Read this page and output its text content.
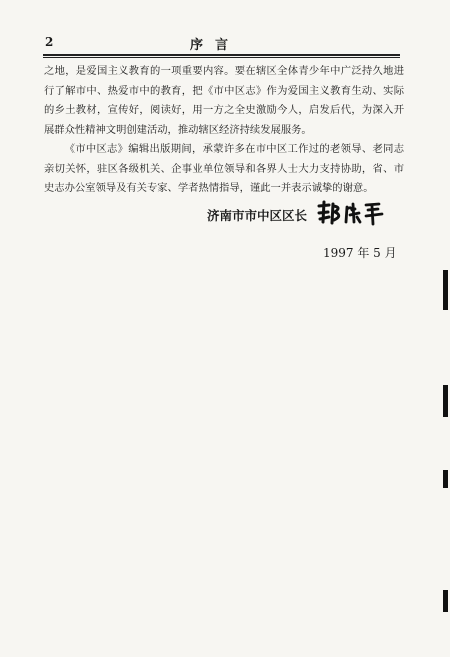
2	序言

之地，是爱国主义教育的一项重要内容。要在辖区全体青少年中广泛持久地进行了解市中、热爱市中的教育，把《市中区志》作为爱国主义教育生动、实际的乡土教材，宣传好，阅读好，用一方之全史激励今人，启发后代，为深入开展群众性精神文明创建活动，推动辖区经济持续发展服务。

《市中区志》编辑出版期间，承蒙许多在市中区工作过的老领导、老同志亲切关怀，驻区各级机关、企事业单位领导和各界人士大力支持协助，省、市史志办公室领导及有关专家、学者热情指导，谨此一并表示诚挚的谢意。

济南市市中区区长
1997 年 5 月
